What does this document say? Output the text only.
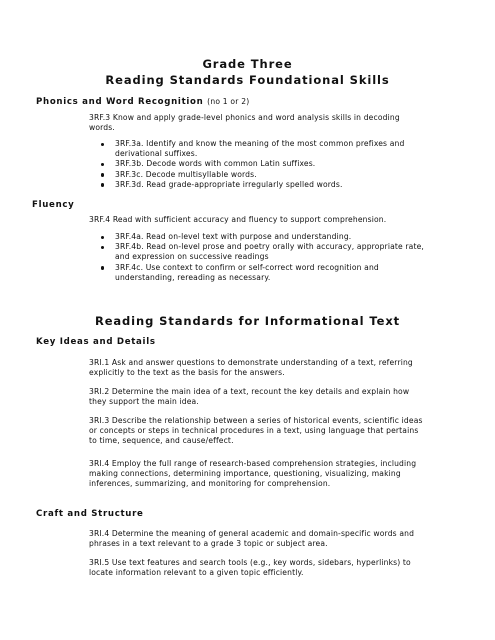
Grade Three

Reading Standards Foundational Skills

Phonics and Word Recognition (no 1 or 2)

3RF.3 Know and apply grade-level phonics and word analysis skills in decoding words.

3RF.3a. Identify and know the meaning of the most common prefixes and derivational suffixes.
3RF.3b. Decode words with common Latin suffixes.
3RF.3c. Decode multisyllable words.
3RF.3d. Read grade-appropriate irregularly spelled words.

Fluency

3RF.4 Read with sufficient accuracy and fluency to support comprehension.

3RF.4a. Read on-level text with purpose and understanding.
3RF.4b. Read on-level prose and poetry orally with accuracy, appropriate rate, and expression on successive readings
3RF.4c. Use context to confirm or self-correct word recognition and understanding, rereading as necessary.

Reading Standards for Informational Text

Key Ideas and Details

3RI.1 Ask and answer questions to demonstrate understanding of a text, referring explicitly to the text as the basis for the answers.

3RI.2 Determine the main idea of a text, recount the key details and explain how they support the main idea.

3RI.3 Describe the relationship between a series of historical events, scientific ideas or concepts or steps in technical procedures in a text, using language that pertains to time, sequence, and cause/effect.

3RI.4 Employ the full range of research-based comprehension strategies, including making connections, determining importance, questioning, visualizing, making inferences, summarizing, and monitoring for comprehension.

Craft and Structure

3RI.4 Determine the meaning of general academic and domain-specific words and phrases in a text relevant to a grade 3 topic or subject area.

3RI.5 Use text features and search tools (e.g., key words, sidebars, hyperlinks) to locate information relevant to a given topic efficiently.
